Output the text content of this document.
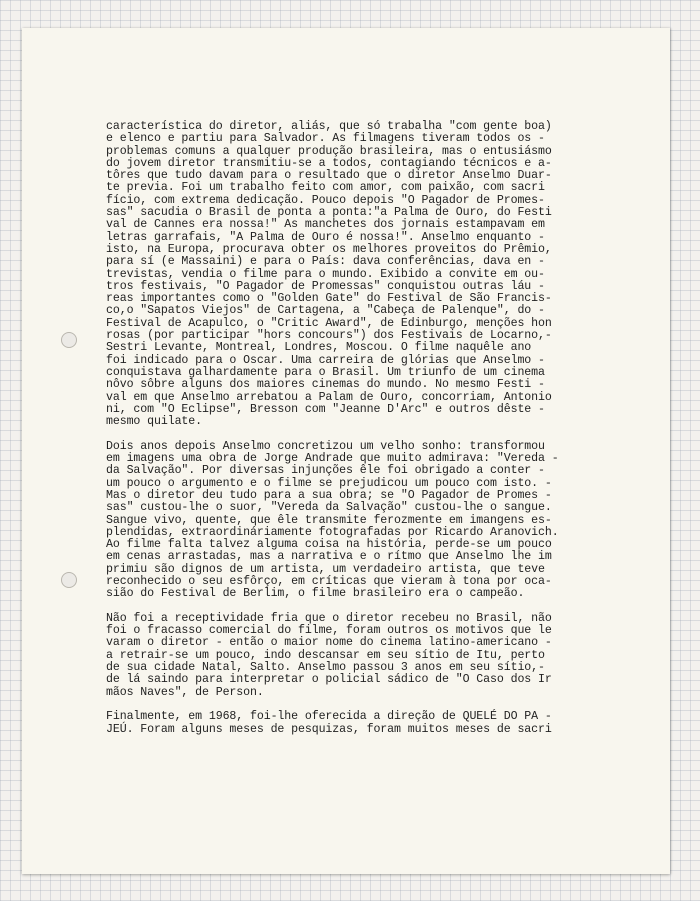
característica do diretor, aliás, que só trabalha "com gente boa)
e elenco e partiu para Salvador. As filmagens tiveram todos os -
problemas comuns a qualquer produção brasileira, mas o entusiásmo
do jovem diretor transmitiu-se a todos, contagiando técnicos e a-
tôres que tudo davam para o resultado que o diretor Anselmo Duar-
te previa. Foi um trabalho feito com amor, com paixão, com sacri
fício, com extrema dedicação. Pouco depois "O Pagador de Promes-
sas" sacudia o Brasil de ponta a ponta:"a Palma de Ouro, do Festi
val de Cannes era nossa!" As manchetes dos jornais estampavam em
letras garrafais, "A Palma de Ouro é nossa!". Anselmo enquanto -
isto, na Europa, procurava obter os melhores proveitos do Prêmio,
para sí (e Massaini) e para o País: dava conferências, dava en -
trevistas, vendia o filme para o mundo. Exibido a convite em ou-
tros festivais, "O Pagador de Promessas" conquistou outras láu -
reas importantes como o "Golden Gate" do Festival de São Francis-
co,o "Sapatos Viejos" de Cartagena, a "Cabeça de Palenque", do -
Festival de Acapulco, o "Critic Award", de Edinburgo, menções hon
rosas (por participar "hors concours") dos Festivais de Locarno,-
Sestri Levante, Montreal, Londres, Moscou. O filme naquêle ano
foi indicado para o Oscar. Uma carreira de glórias que Anselmo -
conquistava galhardamente para o Brasil. Um triunfo de um cinema
nôvo sôbre alguns dos maiores cinemas do mundo. No mesmo Festi -
val em que Anselmo arrebatou a Palam de Ouro, concorriam, Antonio
ni, com "O Eclipse", Bresson com "Jeanne D'Arc" e outros dêste -
mesmo quilate.
Dois anos depois Anselmo concretizou um velho sonho: transformou
em imagens uma obra de Jorge Andrade que muito admirava: "Vereda -
da Salvação". Por diversas injunções êle foi obrigado a conter -
um pouco o argumento e o filme se prejudicou um pouco com isto. -
Mas o diretor deu tudo para a sua obra; se "O Pagador de Promes -
sas" custou-lhe o suor, "Vereda da Salvação" custou-lhe o sangue.
Sangue vivo, quente, que êle transmite ferozmente em imangens es-
plendidas, extraordináriamente fotografadas por Ricardo Aranovich.
Ao filme falta talvez alguma coisa na história, perde-se um pouco
em cenas arrastadas, mas a narrativa e o rítmo que Anselmo lhe im
primiu são dignos de um artista, um verdadeiro artista, que teve
reconhecido o seu esfôrço, em críticas que vieram à tona por oca-
sião do Festival de Berlim, o filme brasileiro era o campeão.
Não foi a receptividade fria que o diretor recebeu no Brasil, não
foi o fracasso comercial do filme, foram outros os motivos que le
varam o diretor - então o maior nome do cinema latino-americano -
a retrair-se um pouco, indo descansar em seu sítio de Itu, perto
de sua cidade Natal, Salto. Anselmo passou 3 anos em seu sítio,-
de lá saindo para interpretar o policial sádico de "O Caso dos Ir
mãos Naves", de Person.
Finalmente, em 1968, foi-lhe oferecida a direção de QUELÉ DO PA -
JEÚ. Foram alguns meses de pesquizas, foram muitos meses de sacri
